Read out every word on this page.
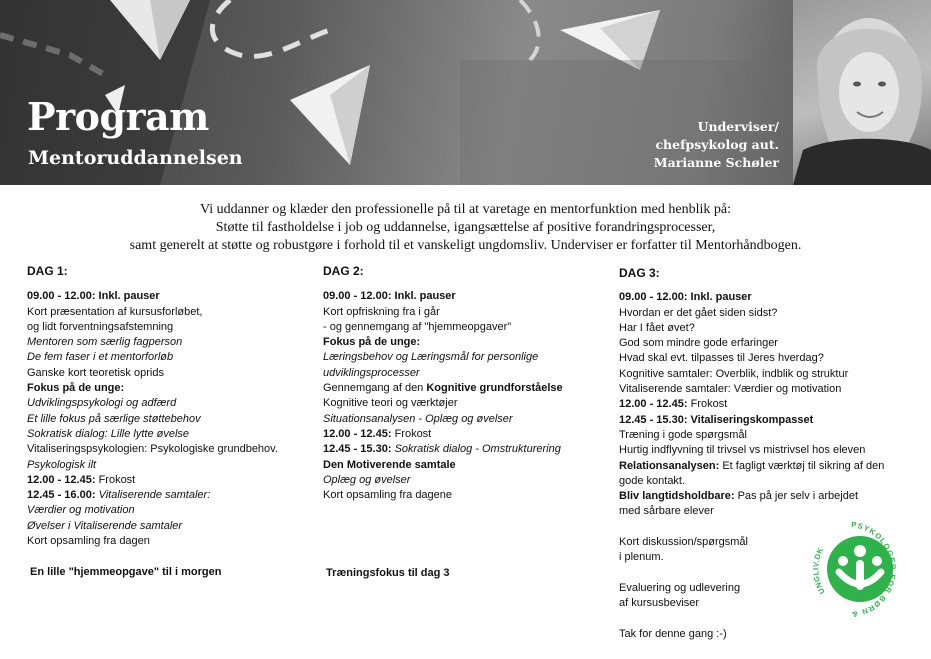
Program
Mentoruddannelsen
Underviser/
chefpsykolog aut.
Marianne Schøler
Vi uddanner og klæder den professionelle på til at varetage en mentorfunktion med henblik på:
Støtte til fastholdelse i job og uddannelse, igangsættelse af positive forandringsprocesser,
samt generelt at støtte og robustgøre i forhold til et vanskeligt ungdomsliv. Underviser er forfatter til Mentorhåndbogen.
DAG 1:
09.00 - 12.00: Inkl. pauser
Kort præsentation af kursusforløbet,
og lidt forventningsafstemning
Mentoren som særlig fagperson
De fem faser i et mentorforløb
Ganske kort teoretisk oprids
Fokus på de unge:
Udviklingspsykologi og adfærd
Et lille fokus på særlige støttebehov
Sokratisk dialog: Lille lytte øvelse
Vitaliseringspsykologien: Psykologiske grundbehov.
Psykologisk ilt
12.00 - 12.45: Frokost
12.45 - 16.00: Vitaliserende samtaler:
Værdier og motivation
Øvelser i Vitaliserende samtaler
Kort opsamling fra dagen
En lille "hjemmeopgave" til i morgen
DAG 2:
09.00 - 12.00: Inkl. pauser
Kort opfriskning fra i går
- og gennemgang af "hjemmeopgaver"
Fokus på de unge:
Læringsbehov og Læringsmål for personlige
udviklingsprocesser
Gennemgang af den Kognitive grundforståelse
Kognitive teori og værktøjer
Situationsanalysen - Oplæg og øvelser
12.00 - 12.45: Frokost
12.45 - 15.30: Sokratisk dialog - Omstrukturering
Den Motiverende samtale
Oplæg og øvelser
Kort opsamling fra dagene
Træningsfokus til dag 3
DAG 3:
09.00 - 12.00: Inkl. pauser
Hvordan er det gået siden sidst?
Har I fået øvet?
God som mindre gode erfaringer
Hvad skal evt. tilpasses til Jeres hverdag?
Kognitive samtaler: Overblik, indblik og struktur
Vitaliserende samtaler: Værdier og motivation
12.00 - 12.45: Frokost
12.45 - 15.30: Vitaliseringskompasset
Træning i gode spørgsmål
Hurtig indflyvning til trivsel vs mistrivsel hos eleven
Relationsanalysen: Et fagligt værktøj til sikring af den
gode kontakt.
Bliv langtidsholdbare: Pas på jer selv i arbejdet
med sårbare elever
Kort diskussion/spørgsmål
i plenum.
Evaluering og udlevering
af kursusbeviser
Tak for denne gang :-)
UNGLIV.DK
PSYKOLOGER FOR BØRN &
